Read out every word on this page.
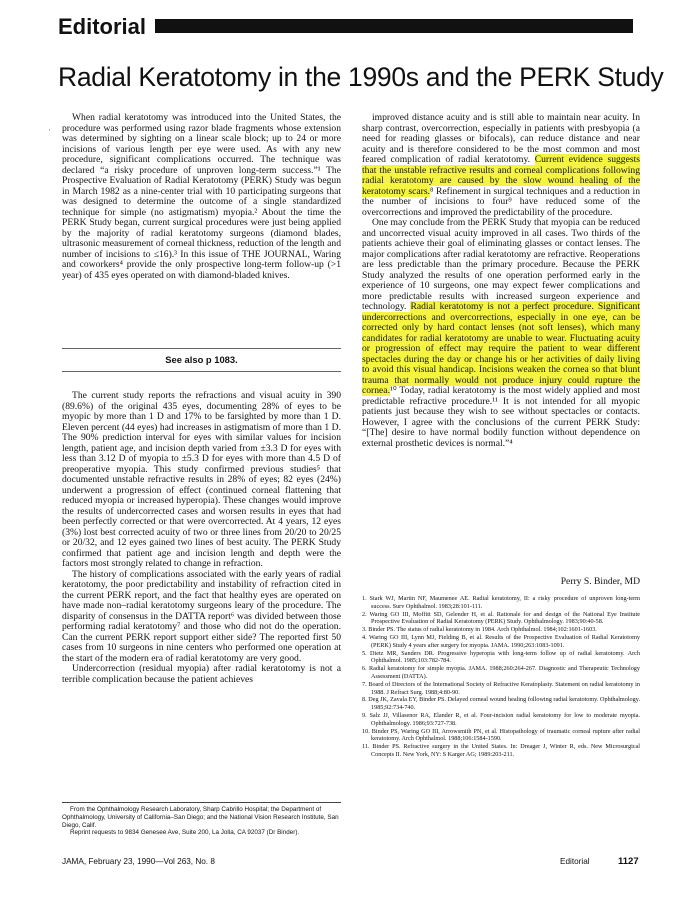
Editorial
'
Radial Keratotomy in the 1990s and the PERK Study

When radial keratotomy was introduced into the United States, the procedure was performed using razor blade fragments whose extension was determined by sighting on a linear scale block; up to 24 or more incisions of various length per eye were used. As with any new procedure, significant complications occurred. The technique was declared “a risky procedure of unproven long-term success.”¹ The Prospective Evaluation of Radial Keratotomy (PERK) Study was begun in March 1982 as a nine-center trial with 10 participating surgeons that was designed to determine the outcome of a single standardized technique for simple (no astigmatism) myopia.² About the time the PERK Study began, current surgical procedures were just being applied by the majority of radial keratotomy surgeons (diamond blades, ultrasonic measurement of corneal thickness, reduction of the length and number of incisions to ≤16).³ In this issue of THE JOURNAL, Waring and coworkers⁴ provide the only prospective long-term follow-up (>1 year) of 435 eyes operated on with diamond-bladed knives.

See also p 1083.

The current study reports the refractions and visual acuity in 390 (89.6%) of the original 435 eyes, documenting 28% of eyes to be myopic by more than 1 D and 17% to be farsighted by more than 1 D. Eleven percent (44 eyes) had increases in astigmatism of more than 1 D. The 90% prediction interval for eyes with similar values for incision length, patient age, and incision depth varied from ±3.3 D for eyes with less than 3.12 D of myopia to ±5.3 D for eyes with more than 4.5 D of preoperative myopia. This study confirmed previous studies⁵ that documented unstable refractive results in 28% of eyes; 82 eyes (24%) underwent a progression of effect (continued corneal flattening that reduced myopia or increased hyperopia). These changes would improve the results of undercorrected cases and worsen results in eyes that had been perfectly corrected or that were overcorrected. At 4 years, 12 eyes (3%) lost best corrected acuity of two or three lines from 20/20 to 20/25 or 20/32, and 12 eyes gained two lines of best acuity. The PERK Study confirmed that patient age and incision length and depth were the factors most strongly related to change in refraction.

The history of complications associated with the early years of radial keratotomy, the poor predictability and instability of refraction cited in the current PERK report, and the fact that healthy eyes are operated on have made non–radial keratotomy surgeons leary of the procedure. The disparity of consensus in the DATTA report⁶ was divided between those performing radial keratotomy⁷ and those who did not do the operation. Can the current PERK report support either side? The reported first 50 cases from 10 surgeons in nine centers who performed one operation at the start of the modern era of radial keratotomy are very good.

Undercorrection (residual myopia) after radial keratotomy is not a terrible complication because the patient achieves

improved distance acuity and is still able to maintain near acuity. In sharp contrast, overcorrection, especially in patients with presbyopia (a need for reading glasses or bifocals), can reduce distance and near acuity and is therefore considered to be the most common and most feared complication of radial keratotomy. Current evidence suggests that the unstable refractive results and corneal complications following radial keratotomy are caused by the slow wound healing of the keratotomy scars.⁸ Refinement in surgical techniques and a reduction in the number of incisions to four⁹ have reduced some of the overcorrections and improved the predictability of the procedure.

One may conclude from the PERK Study that myopia can be reduced and uncorrected visual acuity improved in all cases. Two thirds of the patients achieve their goal of eliminating glasses or contact lenses. The major complications after radial keratotomy are refractive. Reoperations are less predictable than the primary procedure. Because the PERK Study analyzed the results of one operation performed early in the experience of 10 surgeons, one may expect fewer complications and more predictable results with increased surgeon experience and technology. Radial keratotomy is not a perfect procedure. Significant undercorrections and overcorrections, especially in one eye, can be corrected only by hard contact lenses (not soft lenses), which many candidates for radial keratotomy are unable to wear. Fluctuating acuity or progression of effect may require the patient to wear different spectacles during the day or change his or her activities of daily living to avoid this visual handicap. Incisions weaken the cornea so that blunt trauma that normally would not produce injury could rupture the cornea.¹⁰ Today, radial keratotomy is the most widely applied and most predictable refractive procedure.¹¹ It is not intended for all myopic patients just because they wish to see without spectacles or contacts. However, I agree with the conclusions of the current PERK Study: “[The] desire to have normal bodily function without dependence on external prosthetic devices is normal.”⁴

Perry S. Binder, MD
1. Stark WJ, Martin NF, Maumenee AE. Radial keratotomy, II: a risky procedure of unproven long-term success. Surv Ophthalmol. 1983;28:101-111.
2. Waring GO III, Moffitt SD, Gelender H, et al. Rationale for and design of the National Eye Institute Prospective Evaluation of Radial Keratotomy (PERK) Study. Ophthalmology. 1983;90:40-58.
3. Binder PS. The status of radial keratotomy in 1984. Arch Ophthalmol. 1984;102:1601-1603.
4. Waring GO III, Lynn MJ, Fielding B, et al. Results of the Prospective Evaluation of Radial Keratotomy (PERK) Study 4 years after surgery for myopia. JAMA. 1990;263:1083-1091.
5. Dietz MR, Sanders DR. Progressive hyperopia with long-term follow up of radial keratotomy. Arch Ophthalmol. 1985;103:782-784.
6. Radial keratotomy for simple myopia. JAMA. 1988;260:264-267. Diagnostic and Therapeutic Technology Assessment (DATTA).
7. Board of Directors of the International Society of Refractive Keratoplasty. Statement on radial keratotomy in 1988. J Refract Surg. 1988;4:80-90.
8. Deg JK, Zavala EY, Binder PS. Delayed corneal wound healing following radial keratotomy. Ophthalmology. 1985;92:734-740.
9. Salz JJ, Villasenor RA, Elander R, et al. Four-incision radial keratotomy for low to moderate myopia. Ophthalmology. 1986;93:727-738.
10. Binder PS, Waring GO III, Arrowsmith PN, et al. Histopathology of traumatic corneal rupture after radial keratotomy. Arch Ophthalmol. 1988;106:1584-1590.
11. Binder PS. Refractive surgery in the United States. In: Dreager J, Winter R, eds. New Microsurgical Concepts II. New York, NY: S Karger AG; 1989:203-211.

From the Ophthalmology Research Laboratory, Sharp Cabrillo Hospital; the Department of Ophthalmology, University of California–San Diego; and the National Vision Research Institute, San Diego, Calif.

Reprint requests to 9834 Genesee Ave, Suite 200, La Jolla, CA 92037 (Dr Binder).

JAMA, February 23, 1990—Vol 263, No. 8	Editorial	1127
